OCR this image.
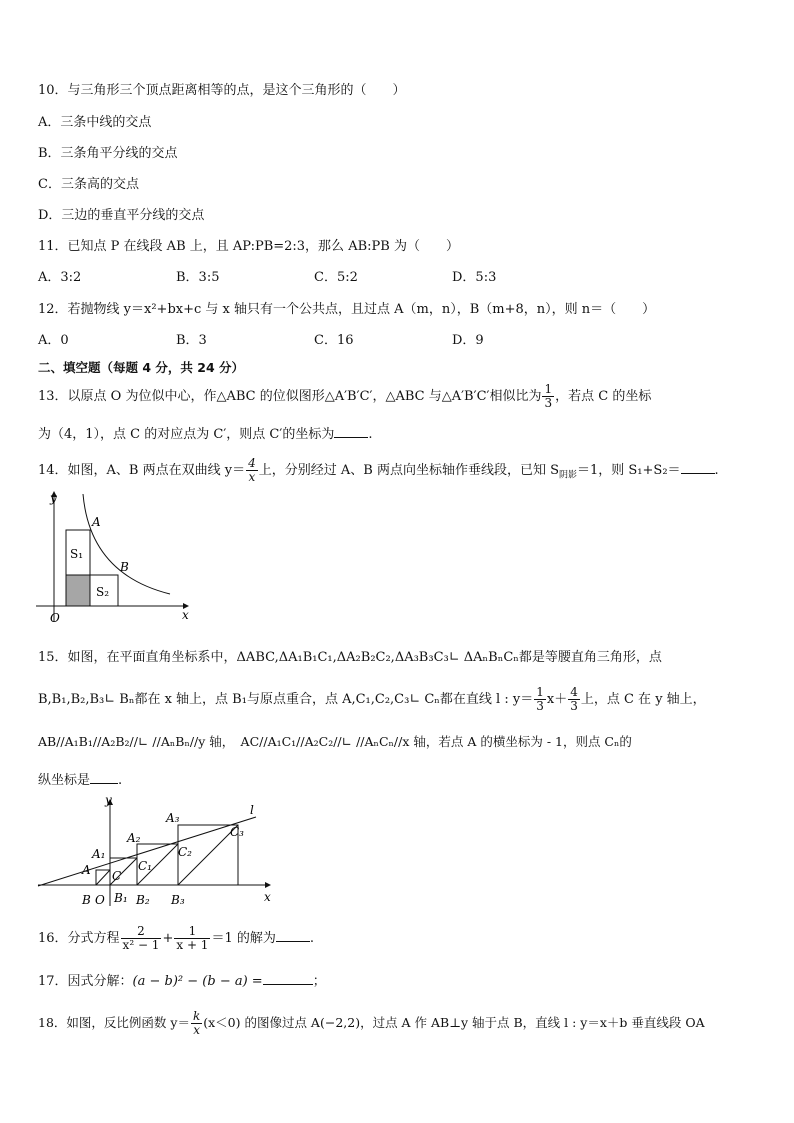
10．与三角形三个顶点距离相等的点，是这个三角形的（　　）
A．三条中线的交点
B．三条角平分线的交点
C．三条高的交点
D．三边的垂直平分线的交点
11．已知点 P 在线段 AB 上，且 AP:PB=2:3，那么 AB:PB 为（　　）
A．3:2	B．3:5	C．5:2	D．5:3
12．若抛物线 y＝x²+bx+c 与 x 轴只有一个公共点，且过点 A（m，n），B（m+8，n），则 n＝（　　）
A．0	B．3	C．16	D．9
二、填空题（每题 4 分，共 24 分）
13．以原点 O 为位似中心，作△ABC 的位似图形△A′B′C′，△ABC 与△A′B′C′相似比为 $\frac{1}{3}$ ，若点 C 的坐标
为（4，1），点 C 的对应点为 C′，则点 C′的坐标为	.
14．如图，A、B 两点在双曲线 $y= \frac{4}{x}$ 上，分别经过 A、B 两点向坐标轴作垂线段，已知 $S_{阴影}=1$，则 S₁+S₂＝	.
y
x
O
A
B
S₁
S₂
15．如图，在平面直角坐标系中，ΔABC,ΔA₁B₁C₁,ΔA₂B₂C₂,ΔA₃B₃C₃∟ ΔAₙBₙCₙ都是等腰直角三角形，点
B,B₁,B₂,B₃∟ Bₙ都在 x 轴上，点 B₁与原点重合，点 A,C₁,C₂,C₃∟ Cₙ都在直线 l : $y= \frac{1}{3} x+ \frac{4}{3}$ 上，点 C 在 y 轴上，
AB//A₁B₁//A₂B₂//∟ //AₙBₙ//y 轴，　AC//A₁C₁//A₂C₂//∟ //AₙCₙ//x 轴，若点 A 的横坐标为 - 1，则点 Cₙ的
纵坐标是 .
y
x
l
A
A₁
A₂
A₃
C
C₁
C₂
C₃
B O B₁ B₂ B₃
16．分式方程 $\frac{2}{\text{x² − 1}} + \frac{1}{x + 1} =1$ 的解为	.
17．因式分解：(a − b)² − (b − a) =	；
18．如图，反比例函数 $y= \frac{k}{x} (x<0)$ 的图像过点 A(−2,2)，过点 A 作 AB⊥y 轴于点 B，直线 l : y＝x＋b 垂直线段 OA
